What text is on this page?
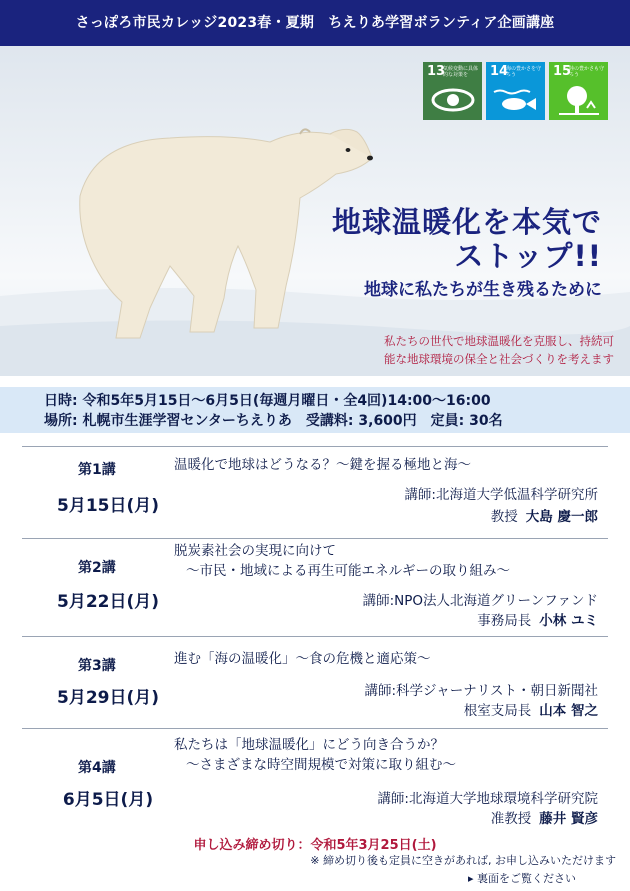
さっぽろ市民カレッジ2023春・夏期　ちえりあ学習ボランティア企画講座
13
気候変動に具体的な対策を	14
海の豊かさを守ろう	15
陸の豊かさも守ろう
地球温暖化を本気で
ストップ!!
地球に私たちが生き残るために
私たちの世代で地球温暖化を克服し、持続可
能な地球環境の保全と社会づくりを考えます
日時: 令和5年5月15日～6月5日(毎週月曜日・全4回)14:00～16:00
場所: 札幌市生涯学習センターちえりあ　受講料: 3,600円　定員: 30名
第1講
5月15日(月)
温暖化で地球はどうなる？～鍵を握る極地と海～
講師:北海道大学低温科学研究所
教授 大島 慶一郎
第2講
5月22日(月)
脱炭素社会の実現に向けて
～市民・地域による再生可能エネルギーの取り組み～
講師:NPO法人北海道グリーンファンド
事務局長 小林 ユミ
第3講
5月29日(月)
進む「海の温暖化」～食の危機と適応策～
講師:科学ジャーナリスト・朝日新聞社
根室支局長 山本 智之
第4講
6月5日(月)
私たちは「地球温暖化」にどう向き合うか？
～さまざまな時空間規模で対策に取り組む～
講師:北海道大学地球環境科学研究院
准教授 藤井 賢彦
申し込み締め切り：令和5年3月25日(土)
※ 締め切り後も定員に空きがあれば, お申し込みいただけます
▸ 裏面をご覧ください
